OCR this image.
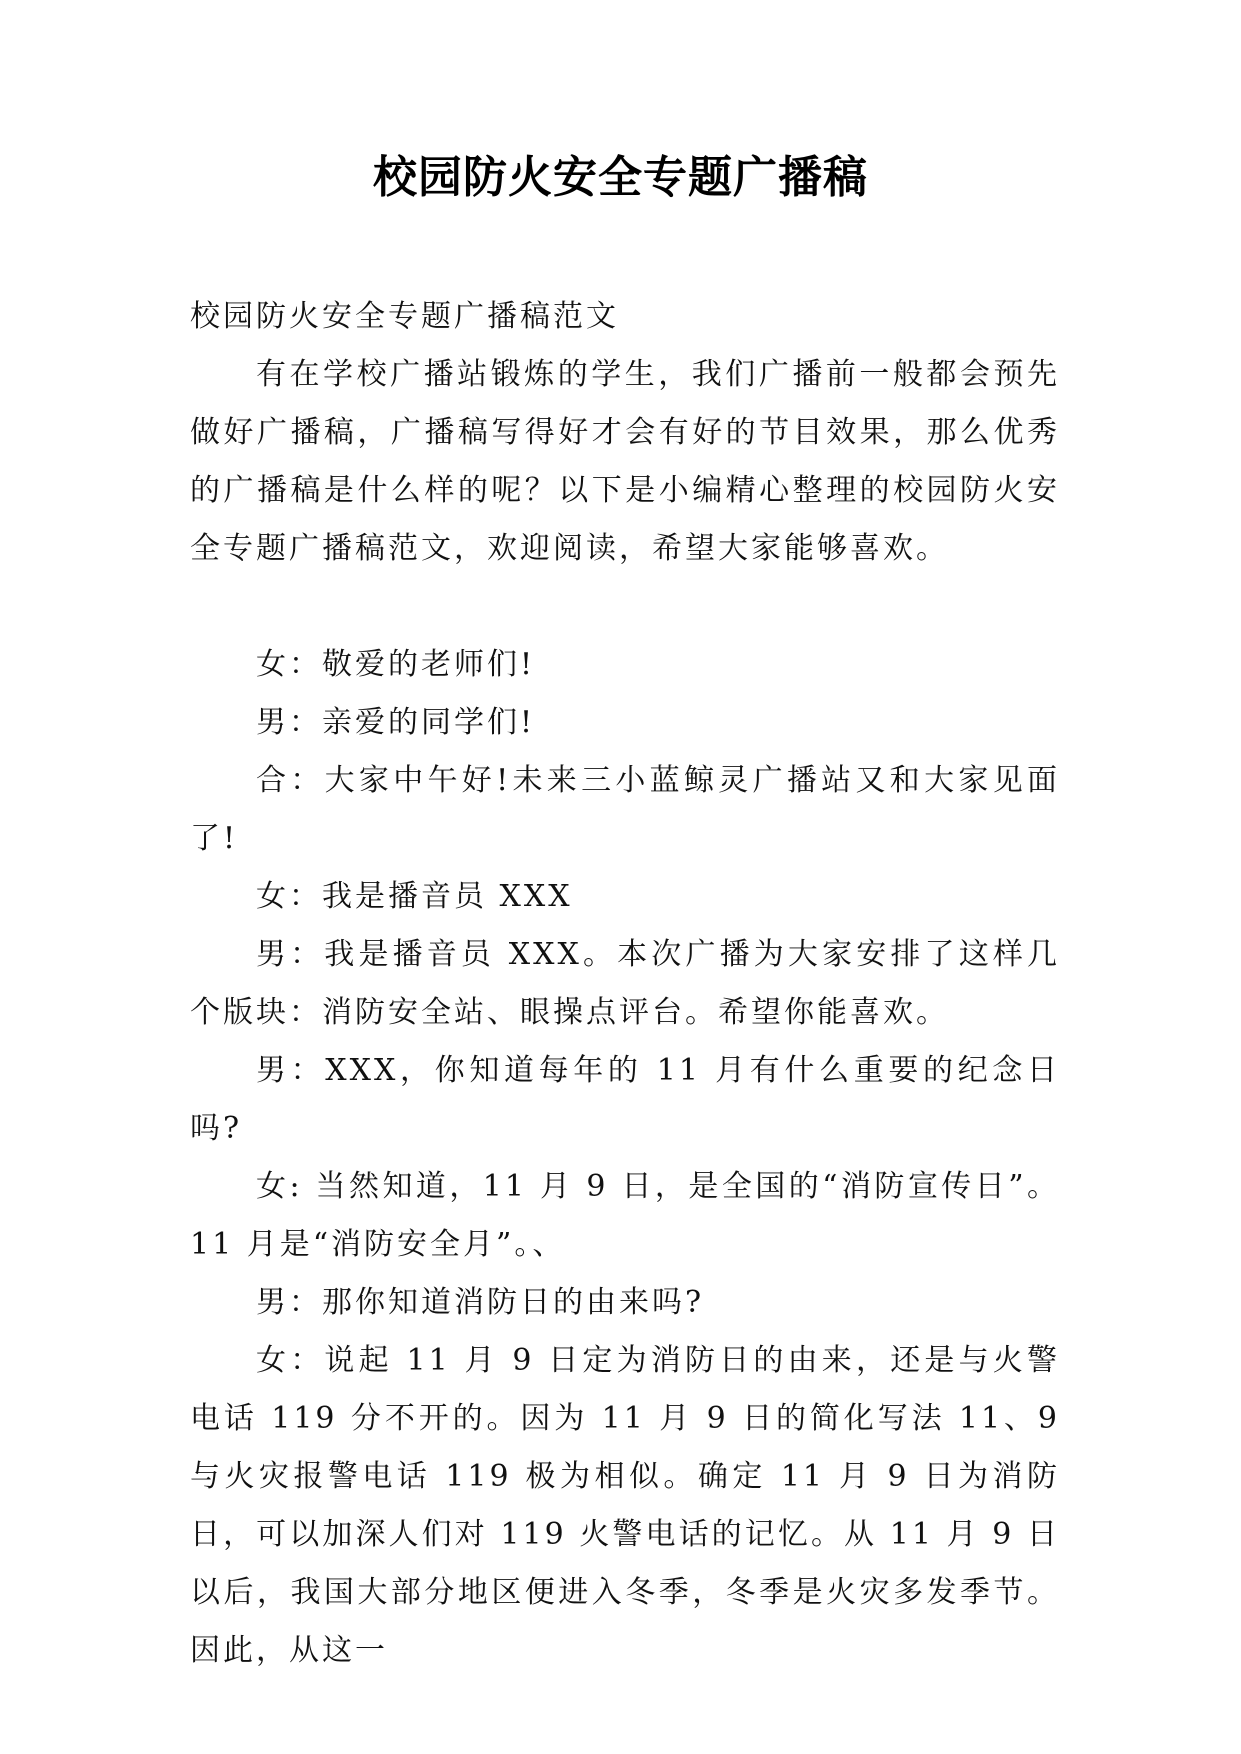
校园防火安全专题广播稿

校园防火安全专题广播稿范文

有在学校广播站锻炼的学生，我们广播前一般都会预先做好广播稿，广播稿写得好才会有好的节目效果，那么优秀的广播稿是什么样的呢？以下是小编精心整理的校园防火安全专题广播稿范文，欢迎阅读，希望大家能够喜欢。

女：敬爱的老师们!

男：亲爱的同学们!

合：大家中午好!未来三小蓝鲸灵广播站又和大家见面了!

女：我是播音员 XXX

男：我是播音员 XXX。本次广播为大家安排了这样几个版块：消防安全站、眼操点评台。希望你能喜欢。

男：XXX，你知道每年的 11 月有什么重要的纪念日吗?

女: 当然知道，11 月 9 日，是全国的“消防宣传日”。11 月是“消防安全月”。、

男：那你知道消防日的由来吗?

女：说起 11 月 9 日定为消防日的由来，还是与火警电话 119 分不开的。因为 11 月 9 日的简化写法 11、9 与火灾报警电话 119 极为相似。确定 11 月 9 日为消防日，可以加深人们对 119 火警电话的记忆。从 11 月 9 日以后，我国大部分地区便进入冬季，冬季是火灾多发季节。因此，从这一
